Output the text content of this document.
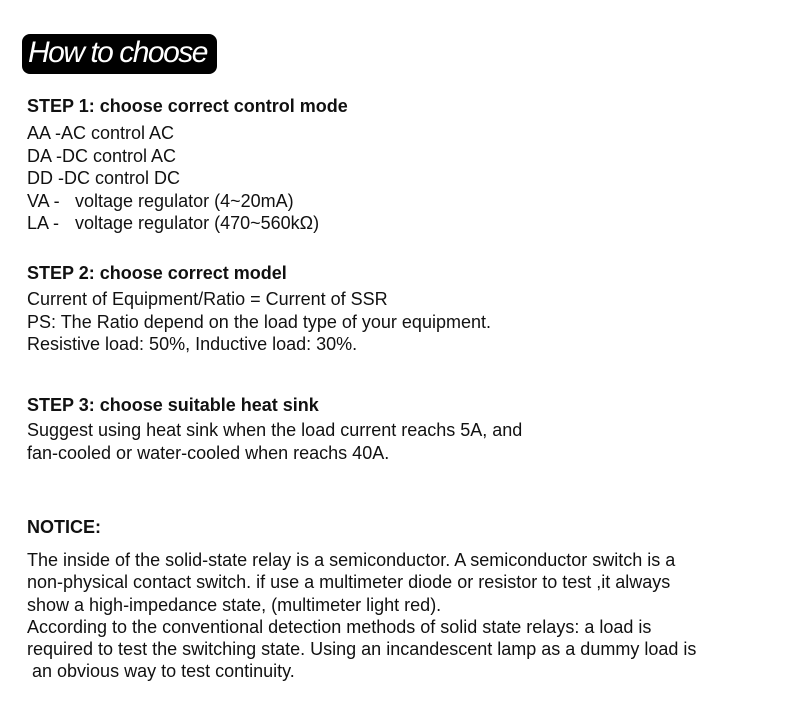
How to choose
STEP 1: choose correct control mode

AA -AC control AC

DA -DC control AC

DD -DC control DC

VA -voltage regulator (4~20mA)

LA -voltage regulator (470~560kΩ)

STEP 2: choose correct model

Current of Equipment/Ratio = Current of SSR

PS: The Ratio depend on the load type of your equipment.

Resistive load: 50%, Inductive load: 30%.

STEP 3: choose suitable heat sink

Suggest using heat sink when the load current reachs 5A, and

fan-cooled or water-cooled when reachs 40A.

NOTICE:

The inside of the solid-state relay is a semiconductor. A semiconductor switch is a

non-physical contact switch. if use a multimeter diode or resistor to test ,it always

show a high-impedance state, (multimeter light red).

According to the conventional detection methods of solid state relays: a load is

required to test the switching state. Using an incandescent lamp as a dummy load is

an obvious way to test continuity.
